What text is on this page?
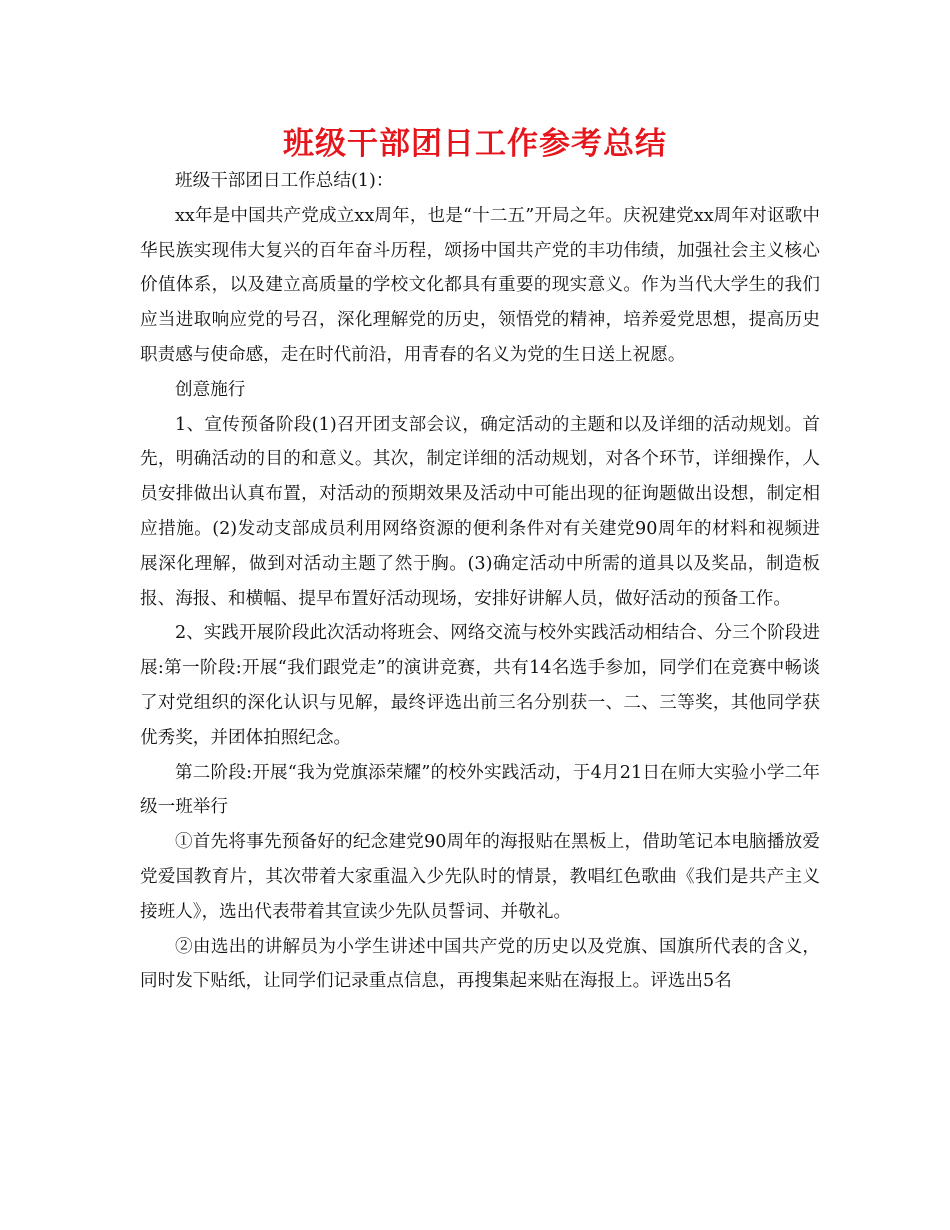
班级干部团日工作参考总结

班级干部团日工作总结(1)：

xx年是中国共产党成立xx周年，也是“十二五”开局之年。庆祝建党xx周年对讴歌中华民族实现伟大复兴的百年奋斗历程，颂扬中国共产党的丰功伟绩，加强社会主义核心价值体系，以及建立高质量的学校文化都具有重要的现实意义。作为当代大学生的我们应当进取响应党的号召，深化理解党的历史，领悟党的精神，培养爱党思想，提高历史职责感与使命感，走在时代前沿，用青春的名义为党的生日送上祝愿。

创意施行

1、宣传预备阶段(1)召开团支部会议，确定活动的主题和以及详细的活动规划。首先，明确活动的目的和意义。其次，制定详细的活动规划，对各个环节，详细操作，人员安排做出认真布置，对活动的预期效果及活动中可能出现的征询题做出设想，制定相应措施。(2)发动支部成员利用网络资源的便利条件对有关建党90周年的材料和视频进展深化理解，做到对活动主题了然于胸。(3)确定活动中所需的道具以及奖品，制造板报、海报、和横幅、提早布置好活动现场，安排好讲解人员，做好活动的预备工作。

2、实践开展阶段此次活动将班会、网络交流与校外实践活动相结合、分三个阶段进展:第一阶段:开展“我们跟党走”的演讲竞赛，共有14名选手参加，同学们在竞赛中畅谈了对党组织的深化认识与见解，最终评选出前三名分别获一、二、三等奖，其他同学获优秀奖，并团体拍照纪念。

第二阶段:开展“我为党旗添荣耀”的校外实践活动，于4月21日在师大实验小学二年级一班举行

①首先将事先预备好的纪念建党90周年的海报贴在黑板上，借助笔记本电脑播放爱党爱国教育片，其次带着大家重温入少先队时的情景，教唱红色歌曲《我们是共产主义接班人》，选出代表带着其宣读少先队员誓词、并敬礼。

②由选出的讲解员为小学生讲述中国共产党的历史以及党旗、国旗所代表的含义，同时发下贴纸，让同学们记录重点信息，再搜集起来贴在海报上。评选出5名
